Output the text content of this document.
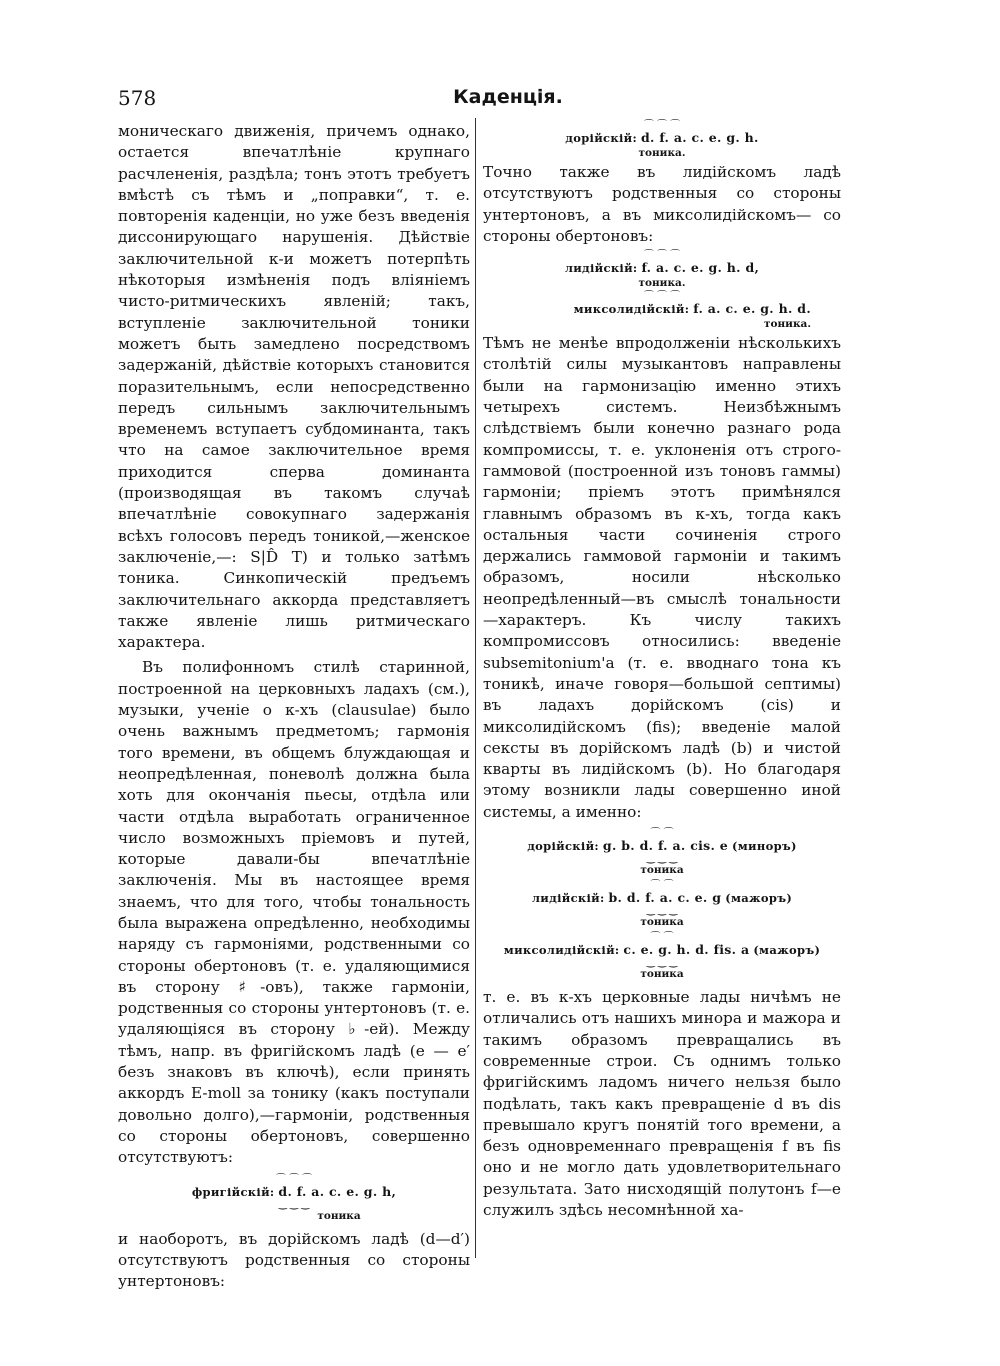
578	Каденція.

моническаго движенія, причемъ однако, остается впечатлѣніе крупнаго расчлененія, раздѣла; тонъ этотъ требуетъ вмѣстѣ съ тѣмъ и „поправки“, т. е. повторенія каденціи, но уже безъ введенія диссонирующаго нарушенія. Дѣйствіе заключительной к-и можетъ потерпѣть нѣкоторыя измѣненія подъ вліяніемъ чисто-ритмическихъ явленій; такъ, вступленіе заключительной тоники можетъ быть замедлено посредствомъ задержаній, дѣйствіе которыхъ становится поразительнымъ, если непосредственно передъ сильнымъ заключительнымъ временемъ вступаетъ субдоминанта, такъ что на самое заключительное время приходится сперва доминанта (производящая въ такомъ случаѣ впечатлѣніе совокупнаго задержанія всѣхъ голосовъ передъ тоникой,—женское заключеніе,—: S|D̂ T) и только затѣмъ тоника. Синкопическій предъемъ заключительнаго аккорда представляетъ также явленіе лишь ритмическаго характера.

Въ полифонномъ стилѣ старинной, построенной на церковныхъ ладахъ (см.), музыки, ученіе о к-хъ (clausulae) было очень важнымъ предметомъ; гармонія того времени, въ общемъ блуждающая и неопредѣленная, поневолѣ должна была хоть для окончанія пьесы, отдѣла или части отдѣла выработать ограниченное число возможныхъ пріемовъ и путей, которые давали-бы впечатлѣніе заключенія. Мы въ настоящее время знаемъ, что для того, чтобы тональность была выражена опредѣленно, необходимы наряду съ гармоніями, родственными со стороны обертоновъ (т. е. удаляющимися въ сторону ♯-овъ), также гармоніи, родственныя со стороны унтертоновъ (т. е. удаляющіяся въ сторону ♭-ей). Между тѣмъ, напр. въ фригійскомъ ладѣ (e — e′ безъ знаковъ въ ключѣ), если принять аккордъ E-moll за тонику (какъ поступали довольно долго),—гармоніи, родственныя со стороны обертоновъ, совершенно отсутствуютъ:

⌒ ⌒ ⌒
фригійскій: d. f. a. c. e. g. h,
‿ ‿ ‿
тоника

и наоборотъ, въ дорійскомъ ладѣ (d—d′) отсутствуютъ родственныя со стороны унтертоновъ:

⌒ ⌒ ⌒
дорійскій: d. f. a. c. e. g. h.
тоника.

Точно также въ лидійскомъ ладѣ отсутствуютъ родственныя со стороны унтертоновъ, а въ миксолидійскомъ— со стороны обертоновъ:

⌒ ⌒ ⌒
лидійскій: f. a. c. e. g. h. d,
тоника.
⌒ ⌒ ⌒
миксолидійскій: f. a. c. e. g. h. d.
тоника.

Тѣмъ не менѣе впродолженіи нѣсколькихъ столѣтій силы музыкантовъ направлены были на гармонизацію именно этихъ четырехъ системъ. Неизбѣжнымъ слѣдствіемъ были конечно разнаго рода компромиссы, т. е. уклоненія отъ строго-гаммовой (построенной изъ тоновъ гаммы) гармоніи; пріемъ этотъ примѣнялся главнымъ образомъ въ к-хъ, тогда какъ остальныя части сочиненія строго держались гаммовой гармоніи и такимъ образомъ, носили нѣсколько неопредѣленный—въ смыслѣ тональности—характеръ. Къ числу такихъ компромиссовъ относились: введеніе subsemitonium'a (т. е. вводнаго тона къ тоникѣ, иначе говоря—большой септимы) въ ладахъ дорійскомъ (cis) и миксолидійскомъ (fis); введеніе малой сексты въ дорійскомъ ладѣ (b) и чистой кварты въ лидійскомъ (b). Но благодаря этому возникли лады совершенно иной системы, а именно:

⌒ ⌒
дорійскій: g. b. d. f. a. cis. e (миноръ)
‿ ‿ ‿
тоника
⌒ ⌒
лидійскій: b. d. f. a. c. e. g (мажоръ)
‿ ‿ ‿
тоника
⌒ ⌒
миксолидійскій: c. e. g. h. d. fis. a (мажоръ)
‿ ‿ ‿
тоника

т. е. въ к-хъ церковные лады ничѣмъ не отличались отъ нашихъ минора и мажора и такимъ образомъ превращались въ современные строи. Съ однимъ только фригійскимъ ладомъ ничего нельзя было подѣлать, такъ какъ превращеніе d въ dis превышало кругъ понятій того времени, а безъ одновременнаго превращенія f въ fis оно и не могло дать удовлетворительнаго результата. Зато нисходящій полутонъ f—e служилъ здѣсь несомнѣнной ха-
